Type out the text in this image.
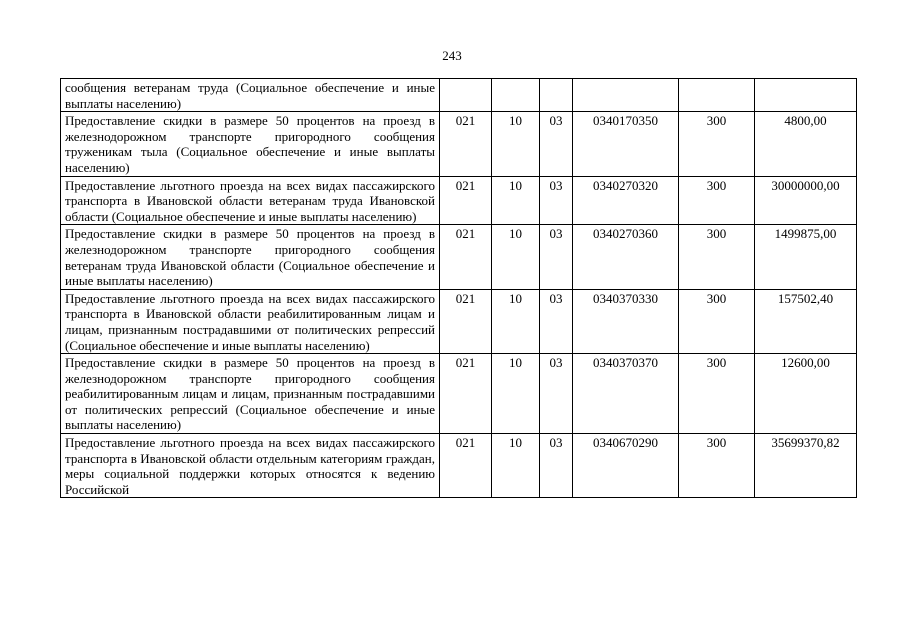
243
сообщения ветеранам труда (Социальное обеспечение и иные выплаты населению)						
Предоставление скидки в размере 50 процентов на проезд в железнодорожном транспорте пригородного сообщения труженикам тыла (Социальное обеспечение и иные выплаты населению)	021	10	03	0340170350	300	4800,00
Предоставление льготного проезда на всех видах пассажирского транспорта в Ивановской области ветеранам труда Ивановской области (Социальное обеспечение и иные выплаты населению)	021	10	03	0340270320	300	30000000,00
Предоставление скидки в размере 50 процентов на проезд в железнодорожном транспорте пригородного сообщения ветеранам труда Ивановской области (Социальное обеспечение и иные выплаты населению)	021	10	03	0340270360	300	1499875,00
Предоставление льготного проезда на всех видах пассажирского транспорта в Ивановской области реабилитированным лицам и лицам, признанным пострадавшими от политических репрессий (Социальное обеспечение и иные выплаты населению)	021	10	03	0340370330	300	157502,40
Предоставление скидки в размере 50 процентов на проезд в железнодорожном транспорте пригородного сообщения реабилитированным лицам и лицам, признанным пострадавшими от политических репрессий (Социальное обеспечение и иные выплаты населению)	021	10	03	0340370370	300	12600,00
Предоставление льготного проезда на всех видах пассажирского транспорта в Ивановской области отдельным категориям граждан, меры социальной поддержки которых относятся к ведению Российской	021	10	03	0340670290	300	35699370,82
